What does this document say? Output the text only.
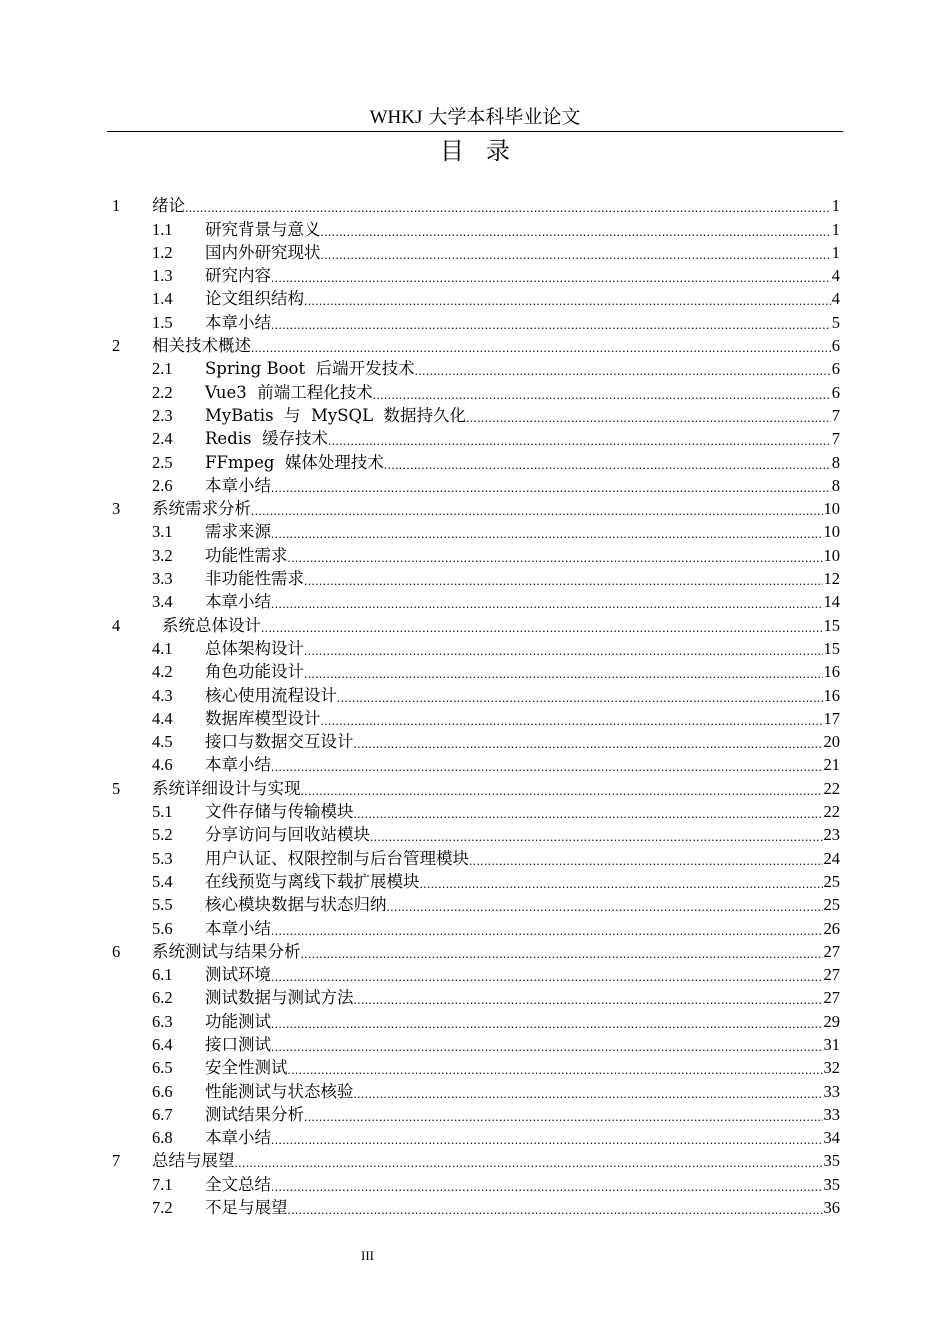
WHKJ 大学本科毕业论文
目录
1	绪论 .....	1
1.1	研究背景与意义 .....	1
1.2	国内外研究现状 .....	1
1.3	研究内容 .....	4
1.4	论文组织结构 .....	4
1.5	本章小结 .....	5
2	相关技术概述 .....	6
2.1	Spring Boot  后端开发技术 .....	6
2.2	Vue3  前端工程化技术 .....	6
2.3	MyBatis  与  MySQL  数据持久化 .....	7
2.4	Redis  缓存技术 .....	7
2.5	FFmpeg  媒体处理技术 .....	8
2.6	本章小结 .....	8
3	系统需求分析 .....	10
3.1	需求来源 .....	10
3.2	功能性需求 .....	10
3.3	非功能性需求 .....	12
3.4	本章小结 .....	14
4	系统总体设计 .....	15
4.1	总体架构设计 .....	15
4.2	角色功能设计 .....	16
4.3	核心使用流程设计 .....	16
4.4	数据库模型设计 .....	17
4.5	接口与数据交互设计 .....	20
4.6	本章小结 .....	21
5	系统详细设计与实现 .....	22
5.1	文件存储与传输模块 .....	22
5.2	分享访问与回收站模块 .....	23
5.3	用户认证、权限控制与后台管理模块 .....	24
5.4	在线预览与离线下载扩展模块 .....	25
5.5	核心模块数据与状态归纳 .....	25
5.6	本章小结 .....	26
6	系统测试与结果分析 .....	27
6.1	测试环境 .....	27
6.2	测试数据与测试方法 .....	27
6.3	功能测试 .....	29
6.4	接口测试 .....	31
6.5	安全性测试 .....	32
6.6	性能测试与状态核验 .....	33
6.7	测试结果分析 .....	33
6.8	本章小结 .....	34
7	总结与展望 .....	35
7.1	全文总结 .....	35
7.2	不足与展望 .....	36
III
